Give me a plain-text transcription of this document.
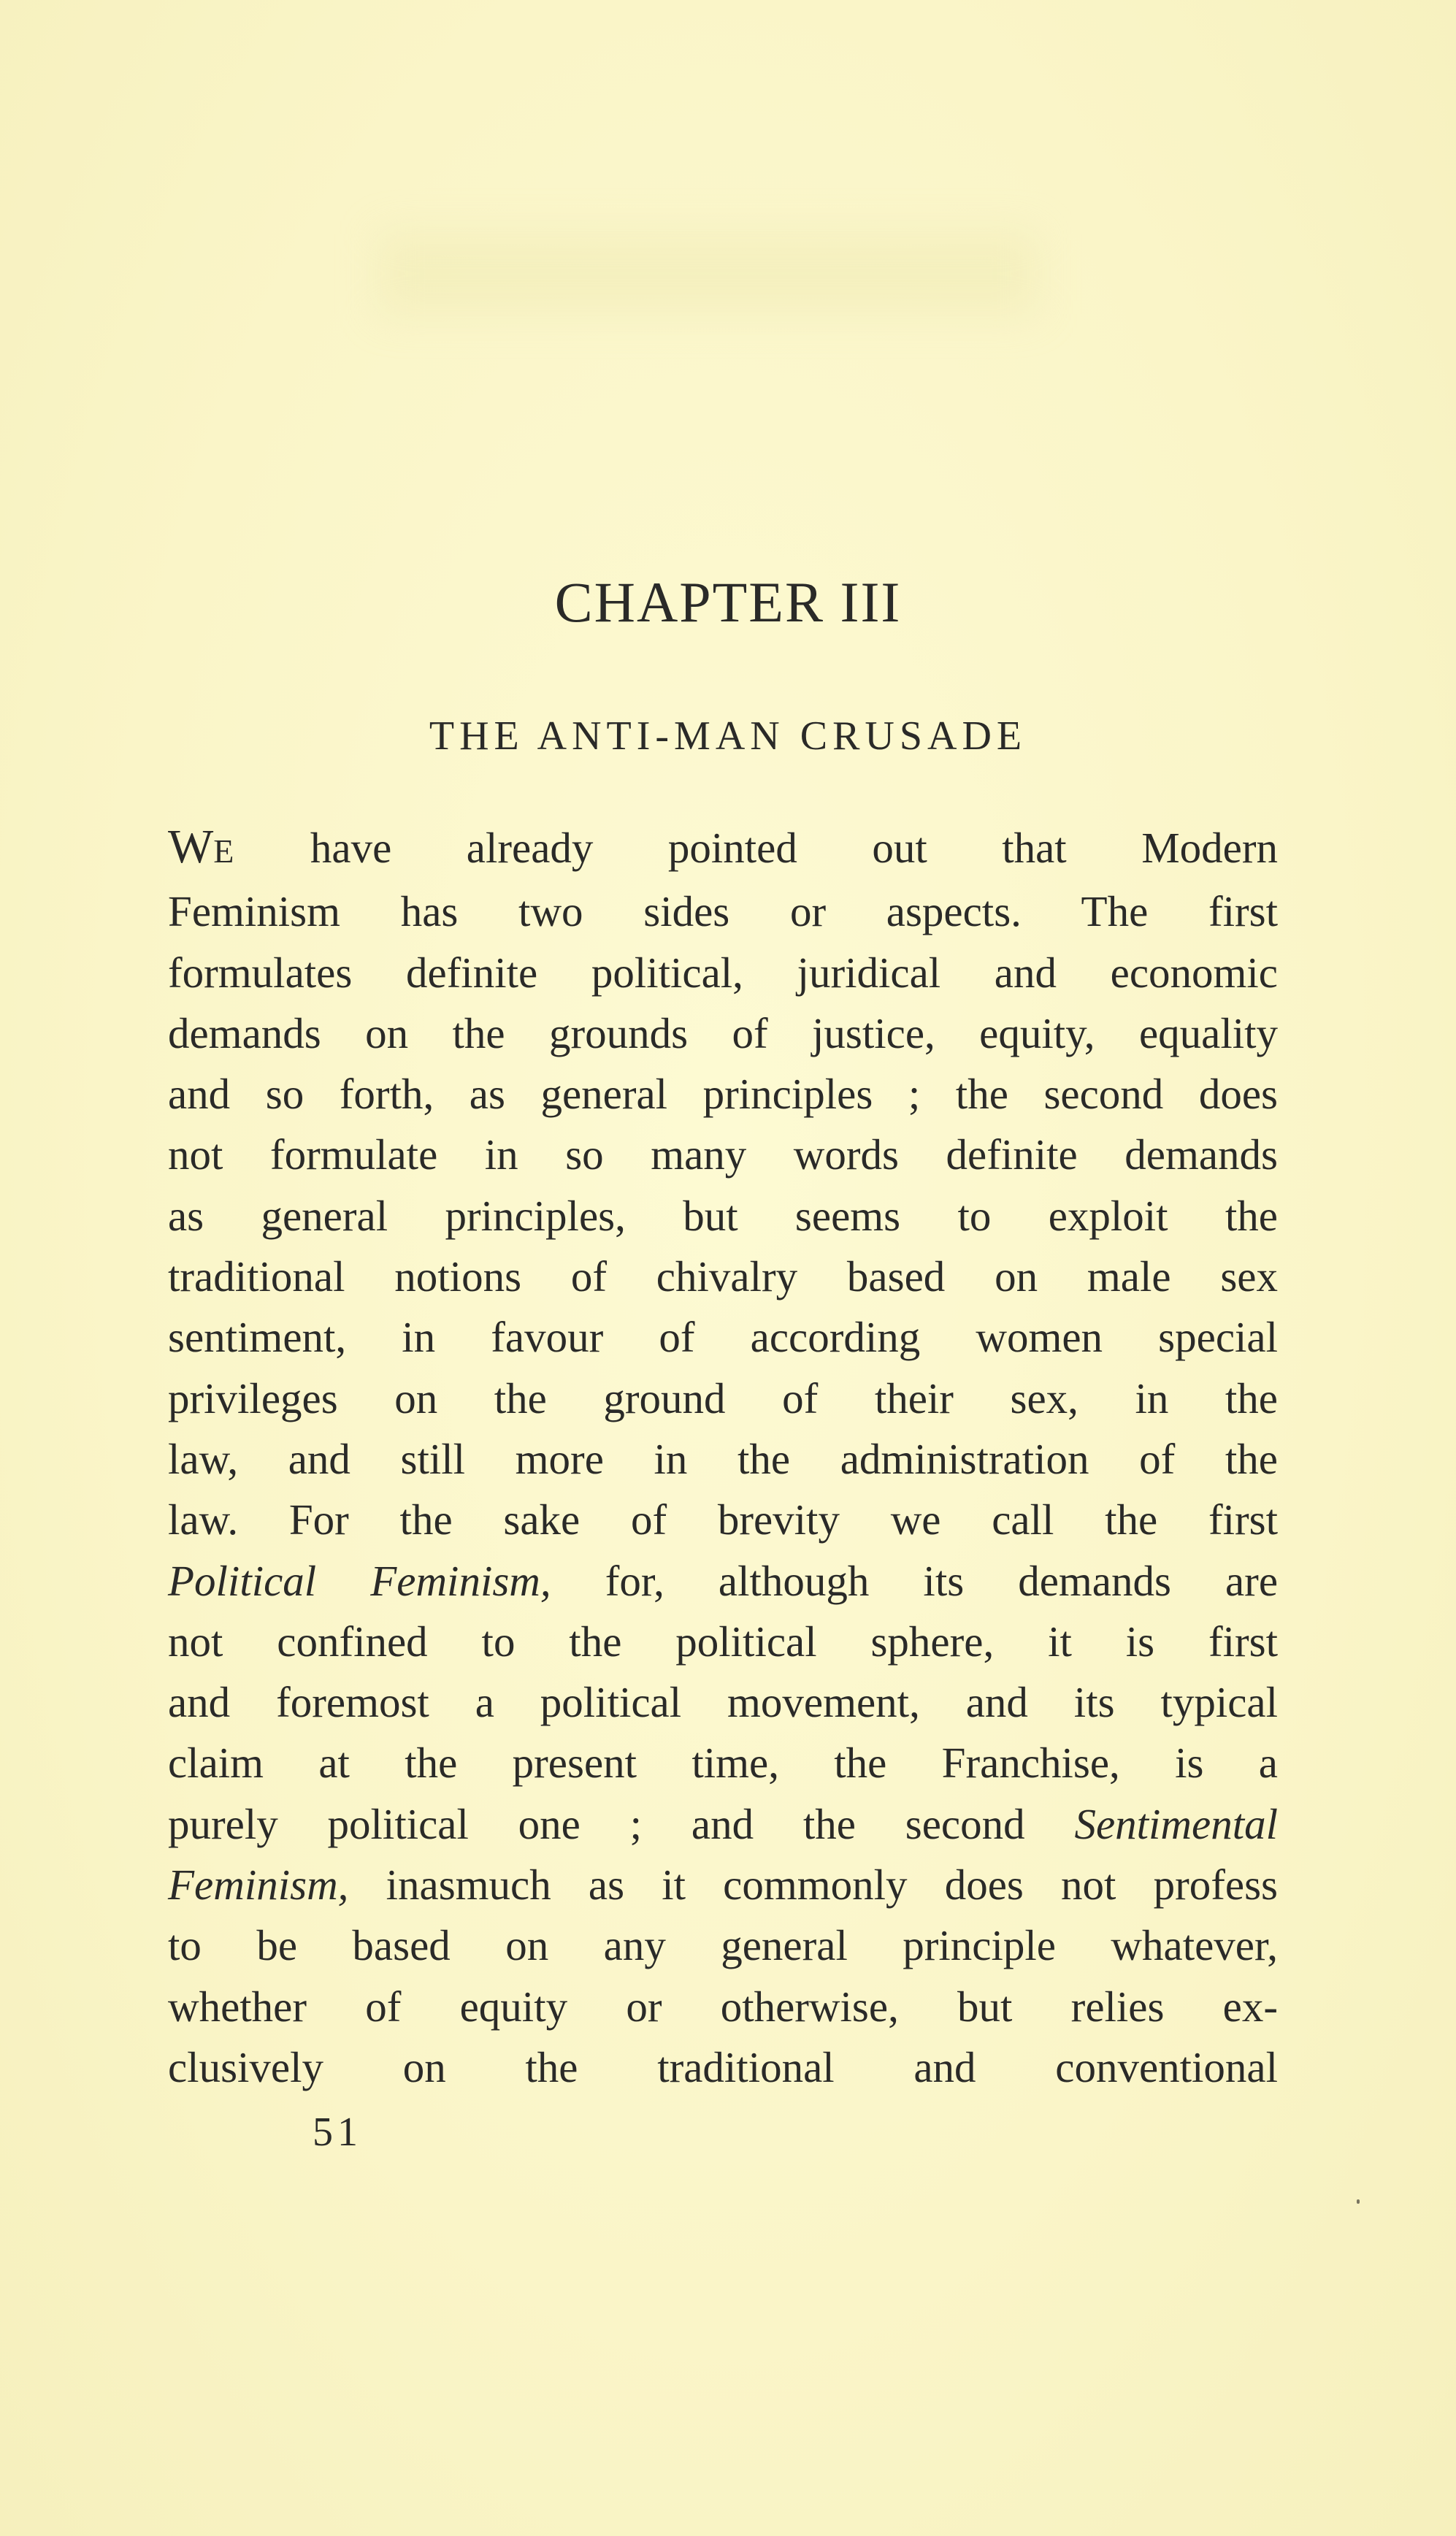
CHAPTER III
THE ANTI-MAN CRUSADE

WE have already pointed out that Modern
Feminism has two sides or aspects. The first
formulates definite political, juridical and economic
demands on the grounds of justice, equity, equality
and so forth, as general principles ; the second does
not formulate in so many words definite demands
as general principles, but seems to exploit the
traditional notions of chivalry based on male sex
sentiment, in favour of according women special
privileges on the ground of their sex, in the
law, and still more in the administration of the
law. For the sake of brevity we call the first
Political Feminism, for, although its demands are
not confined to the political sphere, it is first
and foremost a political movement, and its typical
claim at the present time, the Franchise, is a
purely political one ; and the second Sentimental
Feminism, inasmuch as it commonly does not profess
to be based on any general principle whatever,
whether of equity or otherwise, but relies ex-
clusively on the traditional and conventional

51
